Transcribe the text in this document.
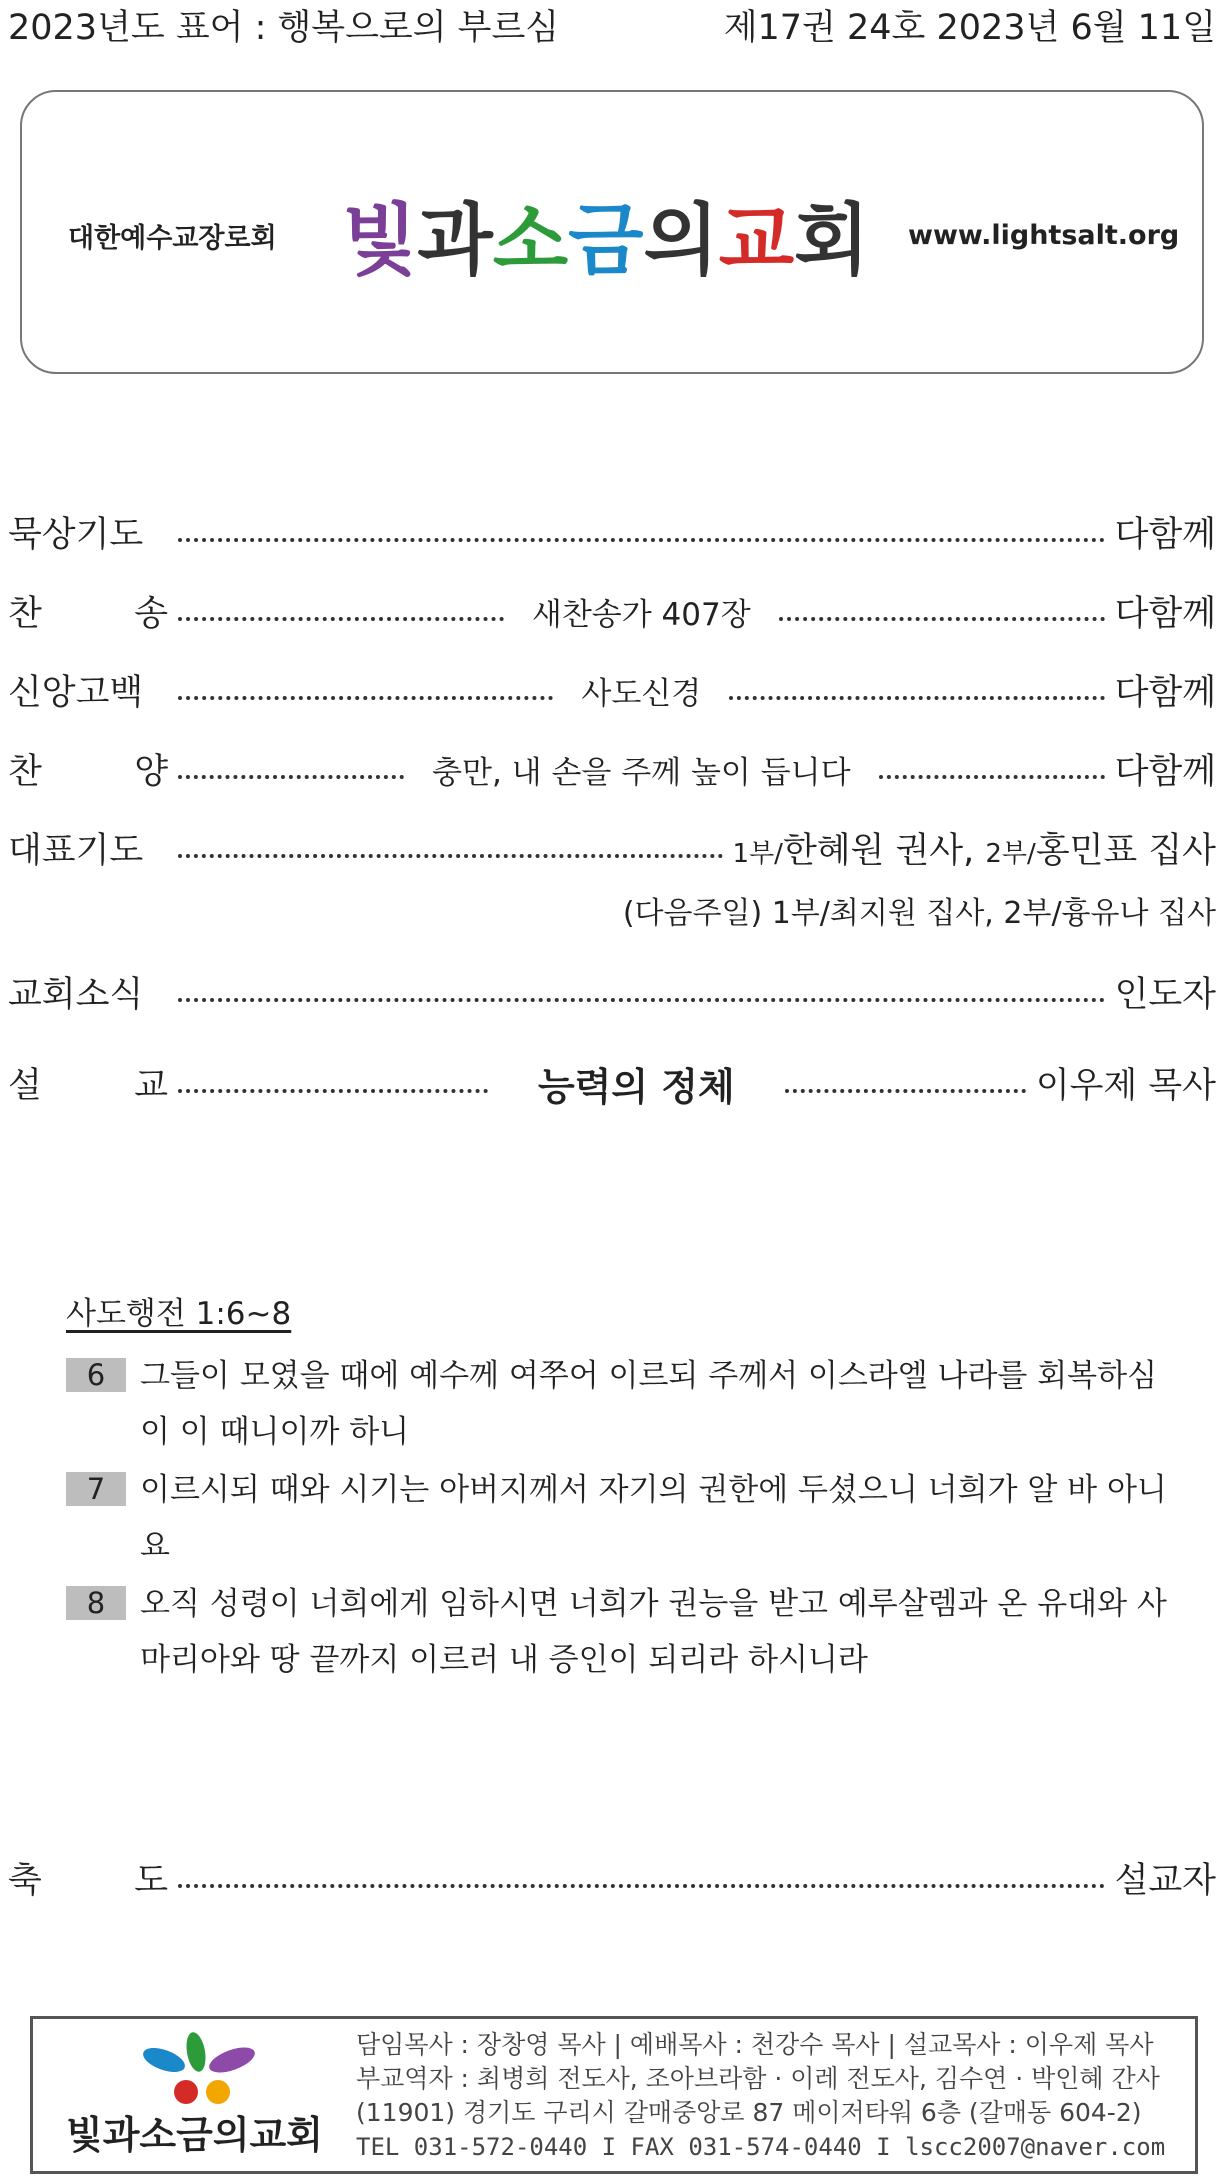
2023년도 표어 : 행복으로의 부르심	제17권 24호 2023년 6월 11일
대한예수교장로회 빛과소금의교회 www.lightsalt.org
묵상기도	다함께
찬	송	새찬송가 407장	다함께
신앙고백	사도신경	다함께
찬	양	충만, 내 손을 주께 높이 듭니다	다함께
대표기도	1부/한혜원 권사, 2부/홍민표 집사
(다음주일) 1부/최지원 집사, 2부/흉유나 집사
교회소식	인도자
설	교	능력의 정체	이우제 목사
사도행전 1:6~8
6	그들이 모였을 때에 예수께 여쭈어 이르되 주께서 이스라엘 나라를 회복하심이 이 때니이까 하니
7	이르시되 때와 시기는 아버지께서 자기의 권한에 두셨으니 너희가 알 바 아니요
8	오직 성령이 너희에게 임하시면 너희가 권능을 받고 예루살렘과 온 유대와 사마리아와 땅 끝까지 이르러 내 증인이 되리라 하시니라
축	도	설교자
빛과소금의교회
담임목사 : 장창영 목사 | 예배목사 : 천강수 목사 | 설교목사 : 이우제 목사
부교역자 : 최병희 전도사, 조아브라함 · 이레 전도사, 김수연 · 박인혜 간사
(11901) 경기도 구리시 갈매중앙로 87 메이저타워 6층 (갈매동 604-2)
TEL 031-572-0440 I FAX 031-574-0440 I lscc2007@naver.com
